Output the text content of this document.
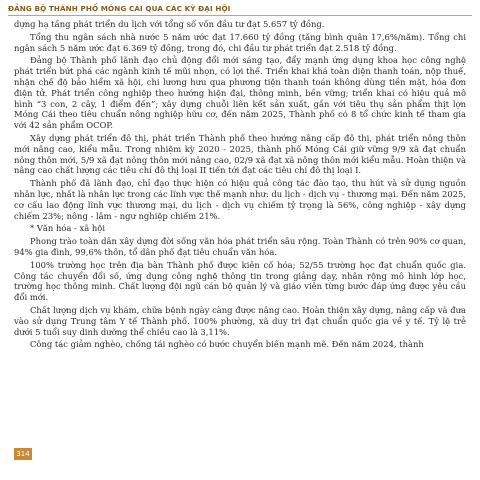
ĐẢNG BỘ THÀNH PHỐ MÓNG CÁI QUA CÁC KỲ ĐẠI HỘI

dựng hạ tầng phát triển du lịch với tổng số vốn đầu tư đạt 5.657 tỷ đồng.

Tổng thu ngân sách nhà nước 5 năm ước đạt 17.660 tỷ đồng (tăng bình quân 17,6%/năm). Tổng chi ngân sách 5 năm ước đạt 6.369 tỷ đồng, trong đó, chi đầu tư phát triển đạt 2.518 tỷ đồng.

Đảng bộ Thành phố lãnh đạo chủ động đổi mới sáng tạo, đẩy mạnh ứng dụng khoa học công nghệ phát triển bứt phá các ngành kinh tế mũi nhọn, có lợi thế. Triển khai khá toàn diện thanh toán, nộp thuế, nhận chế độ bảo hiểm xã hội, chi lương hưu qua phương tiện thanh toán không dùng tiền mặt, hóa đơn điện tử. Phát triển công nghiệp theo hướng hiện đại, thông minh, bền vững; triển khai có hiệu quả mô hình “3 con, 2 cây, 1 điểm đến”; xây dựng chuỗi liên kết sản xuất, gắn với tiêu thụ sản phẩm thịt lợn Móng Cái theo tiêu chuẩn nông nghiệp hữu cơ, đến năm 2025, Thành phố có 8 tổ chức kinh tế tham gia với 42 sản phẩm OCOP.

Xây dựng phát triển đô thị, phát triển Thành phố theo hướng nâng cấp đô thị, phát triển nông thôn mới nâng cao, kiểu mẫu. Trong nhiệm kỳ 2020 - 2025, thành phố Móng Cái giữ vững 9/9 xã đạt chuẩn nông thôn mới, 5/9 xã đạt nông thôn mới nâng cao, 02/9 xã đạt xã nông thôn mới kiểu mẫu. Hoàn thiện và nâng cao chất lượng các tiêu chí đô thị loại II tiến tới đạt các tiêu chí đô thị loại I.

Thành phố đã lãnh đạo, chỉ đạo thực hiện có hiệu quả công tác đào tạo, thu hút và sử dụng nguồn nhân lực, nhất là nhân lực trong các lĩnh vực thế mạnh như: du lịch - dịch vụ - thương mại. Đến năm 2025, cơ cấu lao động lĩnh vực thương mại, du lịch - dịch vụ chiếm tỷ trọng là 56%, công nghiệp - xây dựng chiếm 23%; nông - lâm - ngư nghiệp chiếm 21%.

* Văn hóa - xã hội

Phong trào toàn dân xây dựng đời sống văn hóa phát triển sâu rộng. Toàn Thành có trên 90% cơ quan, 94% gia đình, 99,6% thôn, tổ dân phố đạt tiêu chuẩn văn hóa.

100% trường học trên địa bàn Thành phố được kiên cố hóa; 52/55 trường học đạt chuẩn quốc gia. Công tác chuyển đổi số, ứng dụng công nghệ thông tin trong giảng dạy, nhân rộng mô hình lớp học, trường học thông minh. Chất lượng đội ngũ cán bộ quản lý và giáo viên từng bước đáp ứng được yêu cầu đổi mới.

Chất lượng dịch vụ khám, chữa bệnh ngày càng được nâng cao. Hoàn thiện xây dựng, nâng cấp và đưa vào sử dụng Trung tâm Y tế Thành phố. 100% phường, xã duy trì đạt chuẩn quốc gia về y tế. Tỷ lệ trẻ dưới 5 tuổi suy dinh dưỡng thể chiều cao là 3,11%.

Công tác giảm nghèo, chống tái nghèo có bước chuyển biến mạnh mẽ. Đến năm 2024, thành

314
